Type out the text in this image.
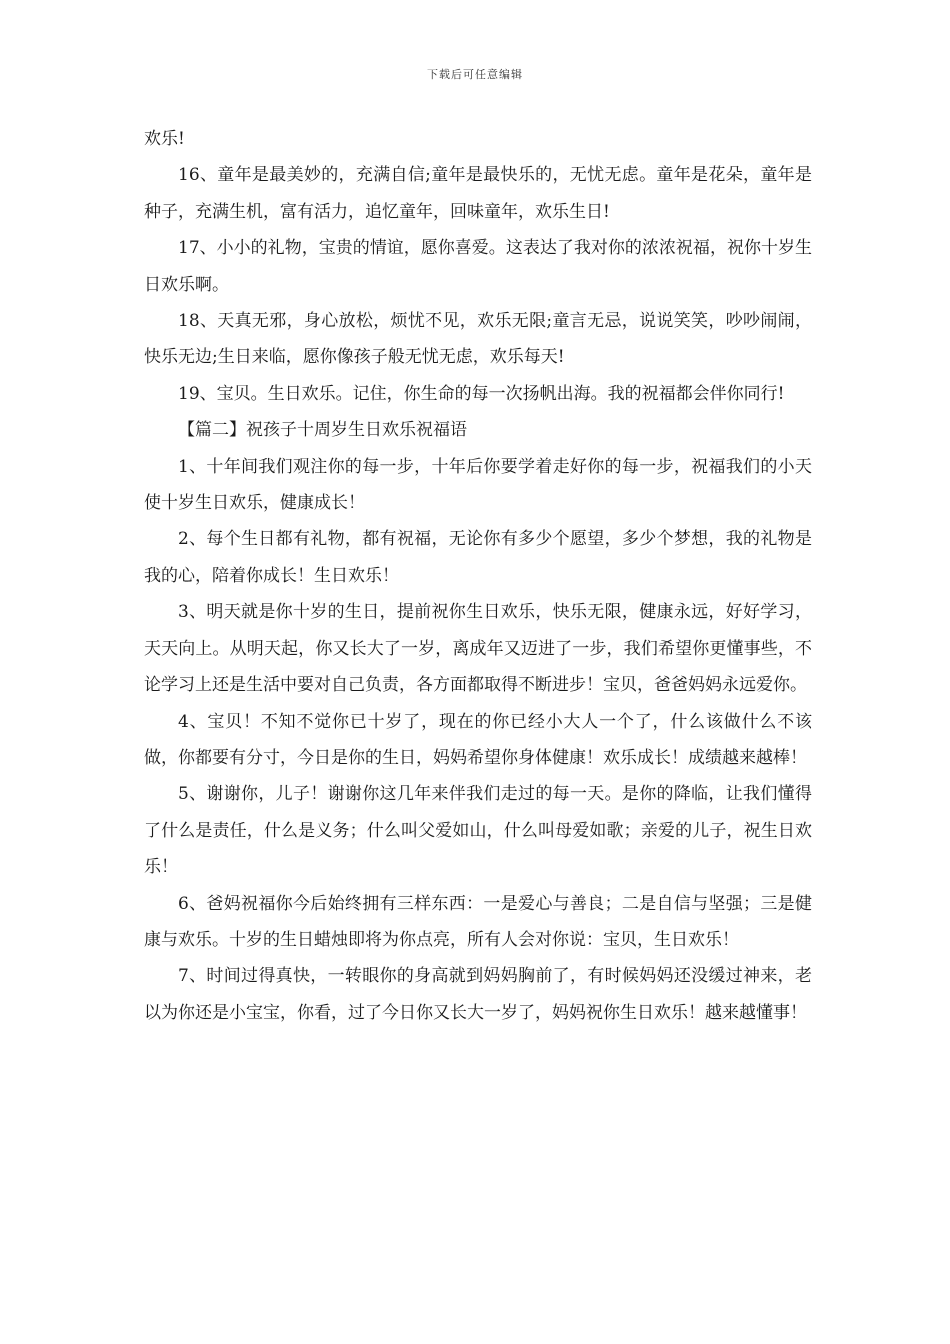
下载后可任意编辑

欢乐!

16、童年是最美妙的，充满自信;童年是最快乐的，无忧无虑。童年是花朵，童年是种子，充满生机，富有活力，追忆童年，回味童年，欢乐生日!

17、小小的礼物，宝贵的情谊，愿你喜爱。这表达了我对你的浓浓祝福，祝你十岁生日欢乐啊。

18、天真无邪，身心放松，烦忧不见，欢乐无限;童言无忌，说说笑笑，吵吵闹闹，快乐无边;生日来临，愿你像孩子般无忧无虑，欢乐每天!

19、宝贝。生日欢乐。记住，你生命的每一次扬帆出海。我的祝福都会伴你同行!

【篇二】祝孩子十周岁生日欢乐祝福语

1、十年间我们观注你的每一步，十年后你要学着走好你的每一步，祝福我们的小天使十岁生日欢乐，健康成长！

2、每个生日都有礼物，都有祝福，无论你有多少个愿望，多少个梦想，我的礼物是我的心，陪着你成长！生日欢乐！

3、明天就是你十岁的生日，提前祝你生日欢乐，快乐无限，健康永远，好好学习，天天向上。从明天起，你又长大了一岁，离成年又迈进了一步，我们希望你更懂事些，不论学习上还是生活中要对自己负责，各方面都取得不断进步！宝贝，爸爸妈妈永远爱你。

4、宝贝！不知不觉你已十岁了，现在的你已经小大人一个了，什么该做什么不该做，你都要有分寸，今日是你的生日，妈妈希望你身体健康！欢乐成长！成绩越来越棒！

5、谢谢你，儿子！谢谢你这几年来伴我们走过的每一天。是你的降临，让我们懂得了什么是责任，什么是义务；什么叫父爱如山，什么叫母爱如歌；亲爱的儿子，祝生日欢乐！

6、爸妈祝福你今后始终拥有三样东西：一是爱心与善良；二是自信与坚强；三是健康与欢乐。十岁的生日蜡烛即将为你点亮，所有人会对你说：宝贝，生日欢乐！

7、时间过得真快，一转眼你的身高就到妈妈胸前了，有时候妈妈还没缓过神来，老以为你还是小宝宝，你看，过了今日你又长大一岁了，妈妈祝你生日欢乐！越来越懂事！
